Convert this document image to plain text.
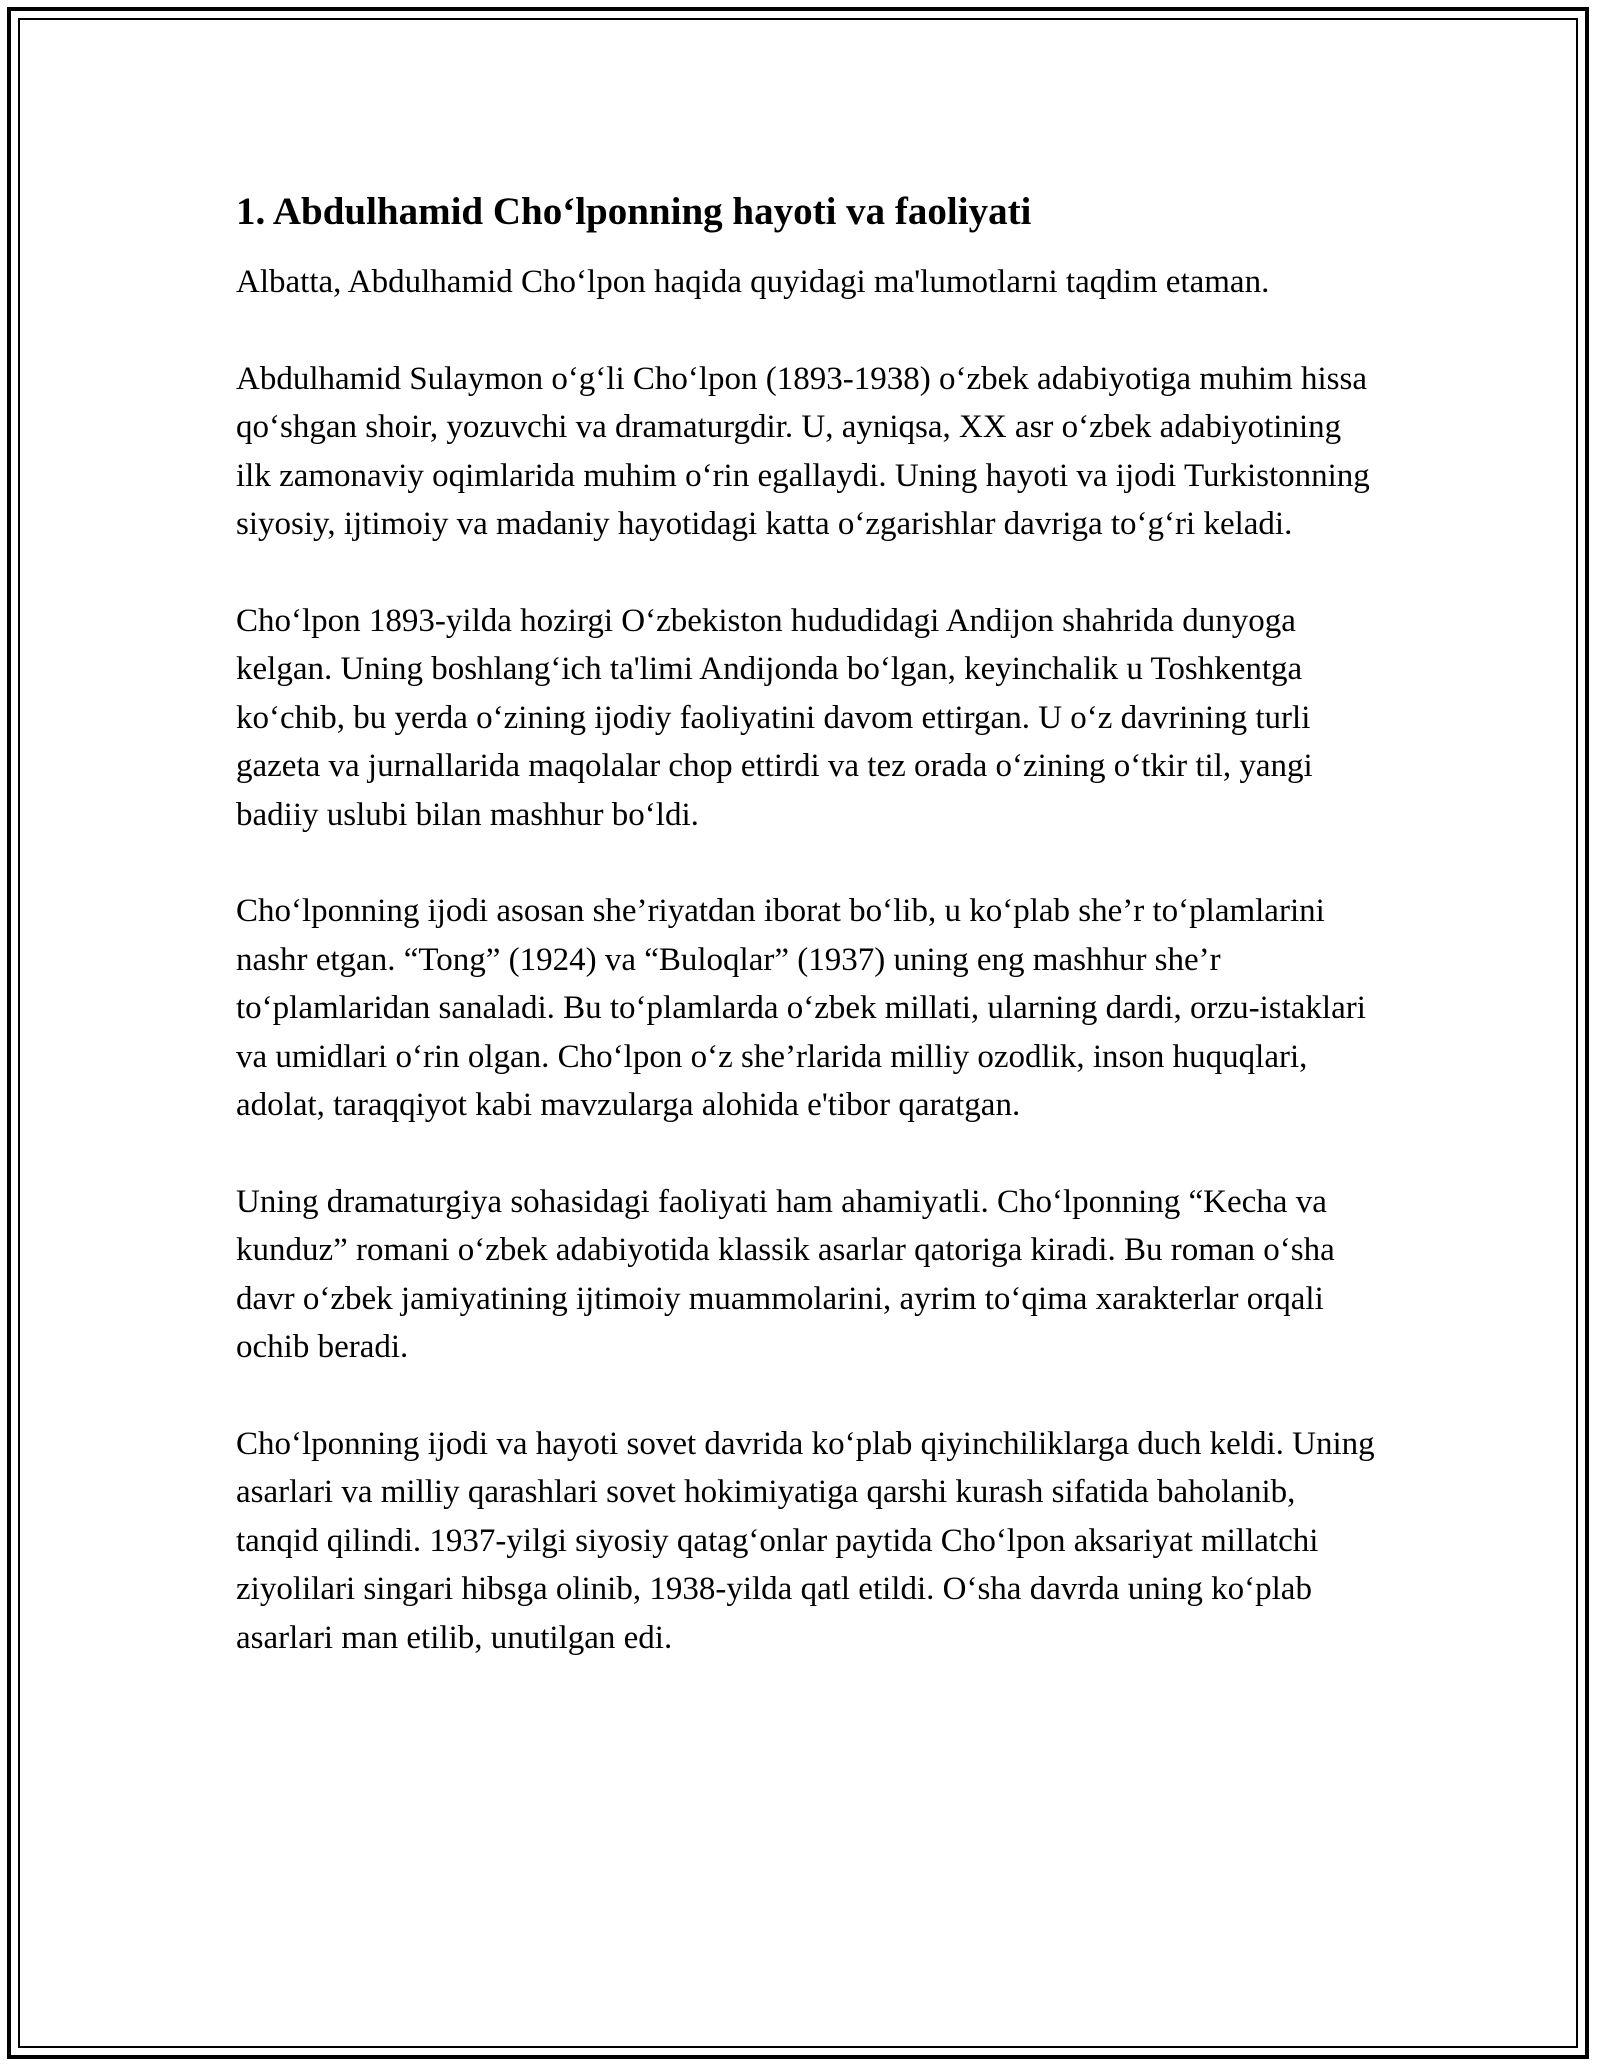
1. Abdulhamid Cho‘lponning hayoti va faoliyati

Albatta, Abdulhamid Cho‘lpon haqida quyidagi ma'lumotlarni taqdim etaman.

Abdulhamid Sulaymon o‘g‘li Cho‘lpon (1893-1938) o‘zbek adabiyotiga muhim hissa qo‘shgan shoir, yozuvchi va dramaturgdir. U, ayniqsa, XX asr o‘zbek adabiyotining ilk zamonaviy oqimlarida muhim o‘rin egallaydi. Uning hayoti va ijodi Turkistonning siyosiy, ijtimoiy va madaniy hayotidagi katta o‘zgarishlar davriga to‘g‘ri keladi.

Cho‘lpon 1893-yilda hozirgi O‘zbekiston hududidagi Andijon shahrida dunyoga kelgan. Uning boshlang‘ich ta'limi Andijonda bo‘lgan, keyinchalik u Toshkentga ko‘chib, bu yerda o‘zining ijodiy faoliyatini davom ettirgan. U o‘z davrining turli gazeta va jurnallarida maqolalar chop ettirdi va tez orada o‘zining o‘tkir til, yangi badiiy uslubi bilan mashhur bo‘ldi.

Cho‘lponning ijodi asosan she’riyatdan iborat bo‘lib, u ko‘plab she’r to‘plamlarini nashr etgan. “Tong” (1924) va “Buloqlar” (1937) uning eng mashhur she’r to‘plamlaridan sanaladi. Bu to‘plamlarda o‘zbek millati, ularning dardi, orzu-istaklari va umidlari o‘rin olgan. Cho‘lpon o‘z she’rlarida milliy ozodlik, inson huquqlari, adolat, taraqqiyot kabi mavzularga alohida e'tibor qaratgan.

Uning dramaturgiya sohasidagi faoliyati ham ahamiyatli. Cho‘lponning “Kecha va kunduz” romani o‘zbek adabiyotida klassik asarlar qatoriga kiradi. Bu roman o‘sha davr o‘zbek jamiyatining ijtimoiy muammolarini, ayrim to‘qima xarakterlar orqali ochib beradi.

Cho‘lponning ijodi va hayoti sovet davrida ko‘plab qiyinchiliklarga duch keldi. Uning asarlari va milliy qarashlari sovet hokimiyatiga qarshi kurash sifatida baholanib, tanqid qilindi. 1937-yilgi siyosiy qatag‘onlar paytida Cho‘lpon aksariyat millatchi ziyolilari singari hibsga olinib, 1938-yilda qatl etildi. O‘sha davrda uning ko‘plab asarlari man etilib, unutilgan edi.
